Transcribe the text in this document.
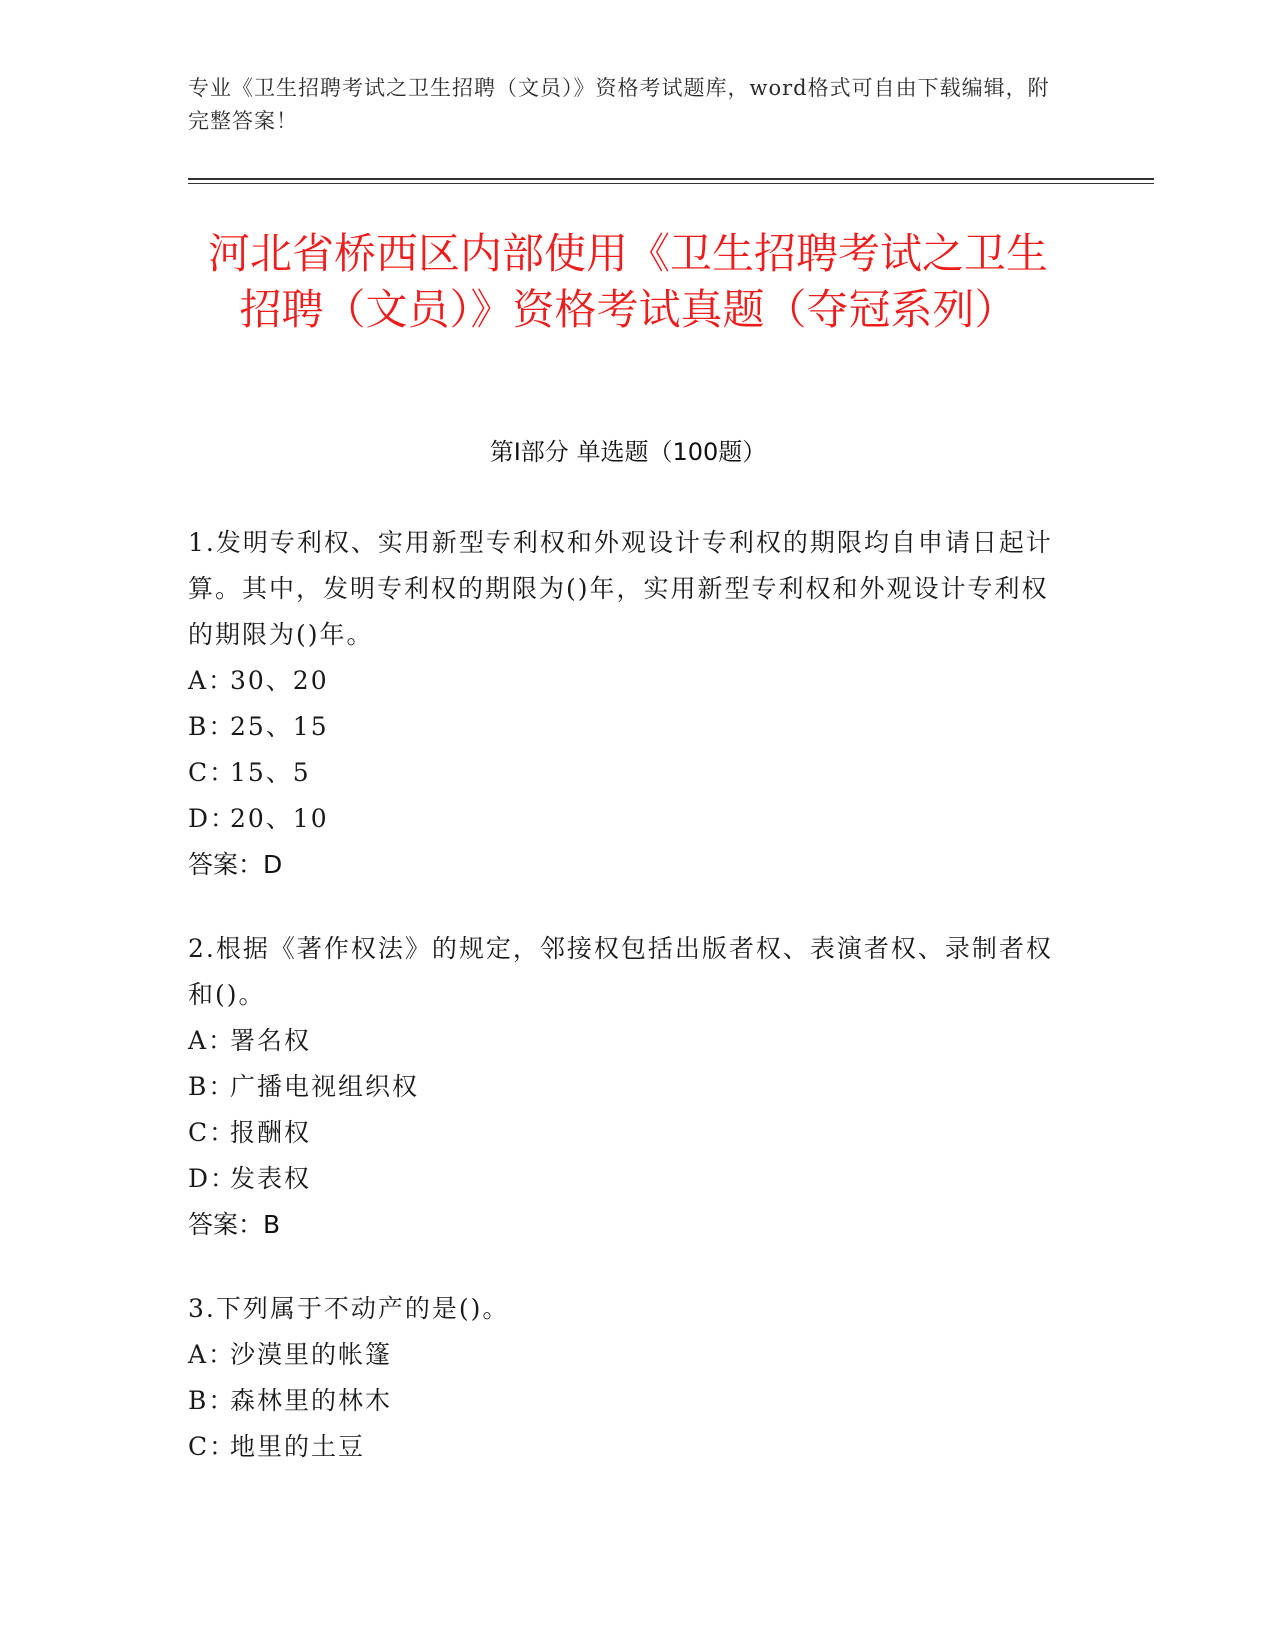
专业《卫生招聘考试之卫生招聘（文员）》资格考试题库，word格式可自由下载编辑，附完整答案！
河北省桥西区内部使用《卫生招聘考试之卫生招聘（文员）》资格考试真题（夺冠系列）
第I部分 单选题（100题）

1.发明专利权、实用新型专利权和外观设计专利权的期限均自申请日起计算。其中，发明专利权的期限为()年，实用新型专利权和外观设计专利权的期限为()年。

A：30、20

B：25、15

C：15、5

D：20、10

答案：D

2.根据《著作权法》的规定，邻接权包括出版者权、表演者权、录制者权和()。

A：署名权

B：广播电视组织权

C：报酬权

D：发表权

答案：B

3.下列属于不动产的是()。

A：沙漠里的帐篷

B：森林里的林木

C：地里的土豆
